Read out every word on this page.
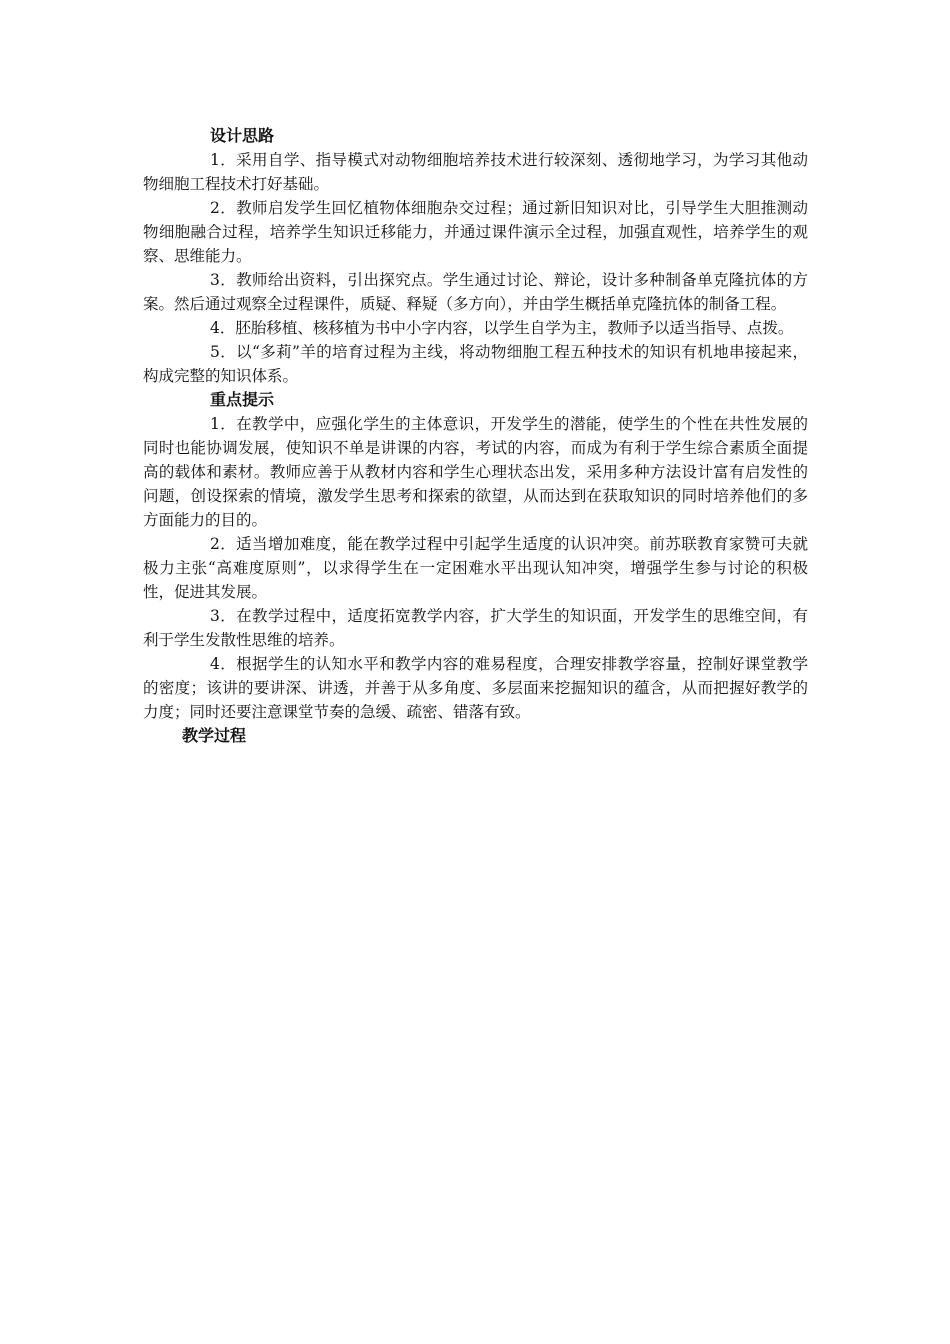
设计思路

1．采用自学、指导模式对动物细胞培养技术进行较深刻、透彻地学习，为学习其他动物细胞工程技术打好基础。

2．教师启发学生回忆植物体细胞杂交过程；通过新旧知识对比，引导学生大胆推测动物细胞融合过程，培养学生知识迁移能力，并通过课件演示全过程，加强直观性，培养学生的观察、思维能力。

3．教师给出资料，引出探究点。学生通过讨论、辩论，设计多种制备单克隆抗体的方案。然后通过观察全过程课件，质疑、释疑（多方向），并由学生概括单克隆抗体的制备工程。

4．胚胎移植、核移植为书中小字内容，以学生自学为主，教师予以适当指导、点拨。

5．以“多莉”羊的培育过程为主线，将动物细胞工程五种技术的知识有机地串接起来，构成完整的知识体系。

重点提示

1．在教学中，应强化学生的主体意识，开发学生的潜能，使学生的个性在共性发展的同时也能协调发展，使知识不单是讲课的内容，考试的内容，而成为有利于学生综合素质全面提高的载体和素材。教师应善于从教材内容和学生心理状态出发，采用多种方法设计富有启发性的问题，创设探索的情境，激发学生思考和探索的欲望，从而达到在获取知识的同时培养他们的多方面能力的目的。

2．适当增加难度，能在教学过程中引起学生适度的认识冲突。前苏联教育家赞可夫就极力主张“高难度原则”，以求得学生在一定困难水平出现认知冲突，增强学生参与讨论的积极性，促进其发展。

3．在教学过程中，适度拓宽教学内容，扩大学生的知识面，开发学生的思维空间，有利于学生发散性思维的培养。

4．根据学生的认知水平和教学内容的难易程度，合理安排教学容量，控制好课堂教学的密度；该讲的要讲深、讲透，并善于从多角度、多层面来挖掘知识的蕴含，从而把握好教学的力度；同时还要注意课堂节奏的急缓、疏密、错落有致。

教学过程
